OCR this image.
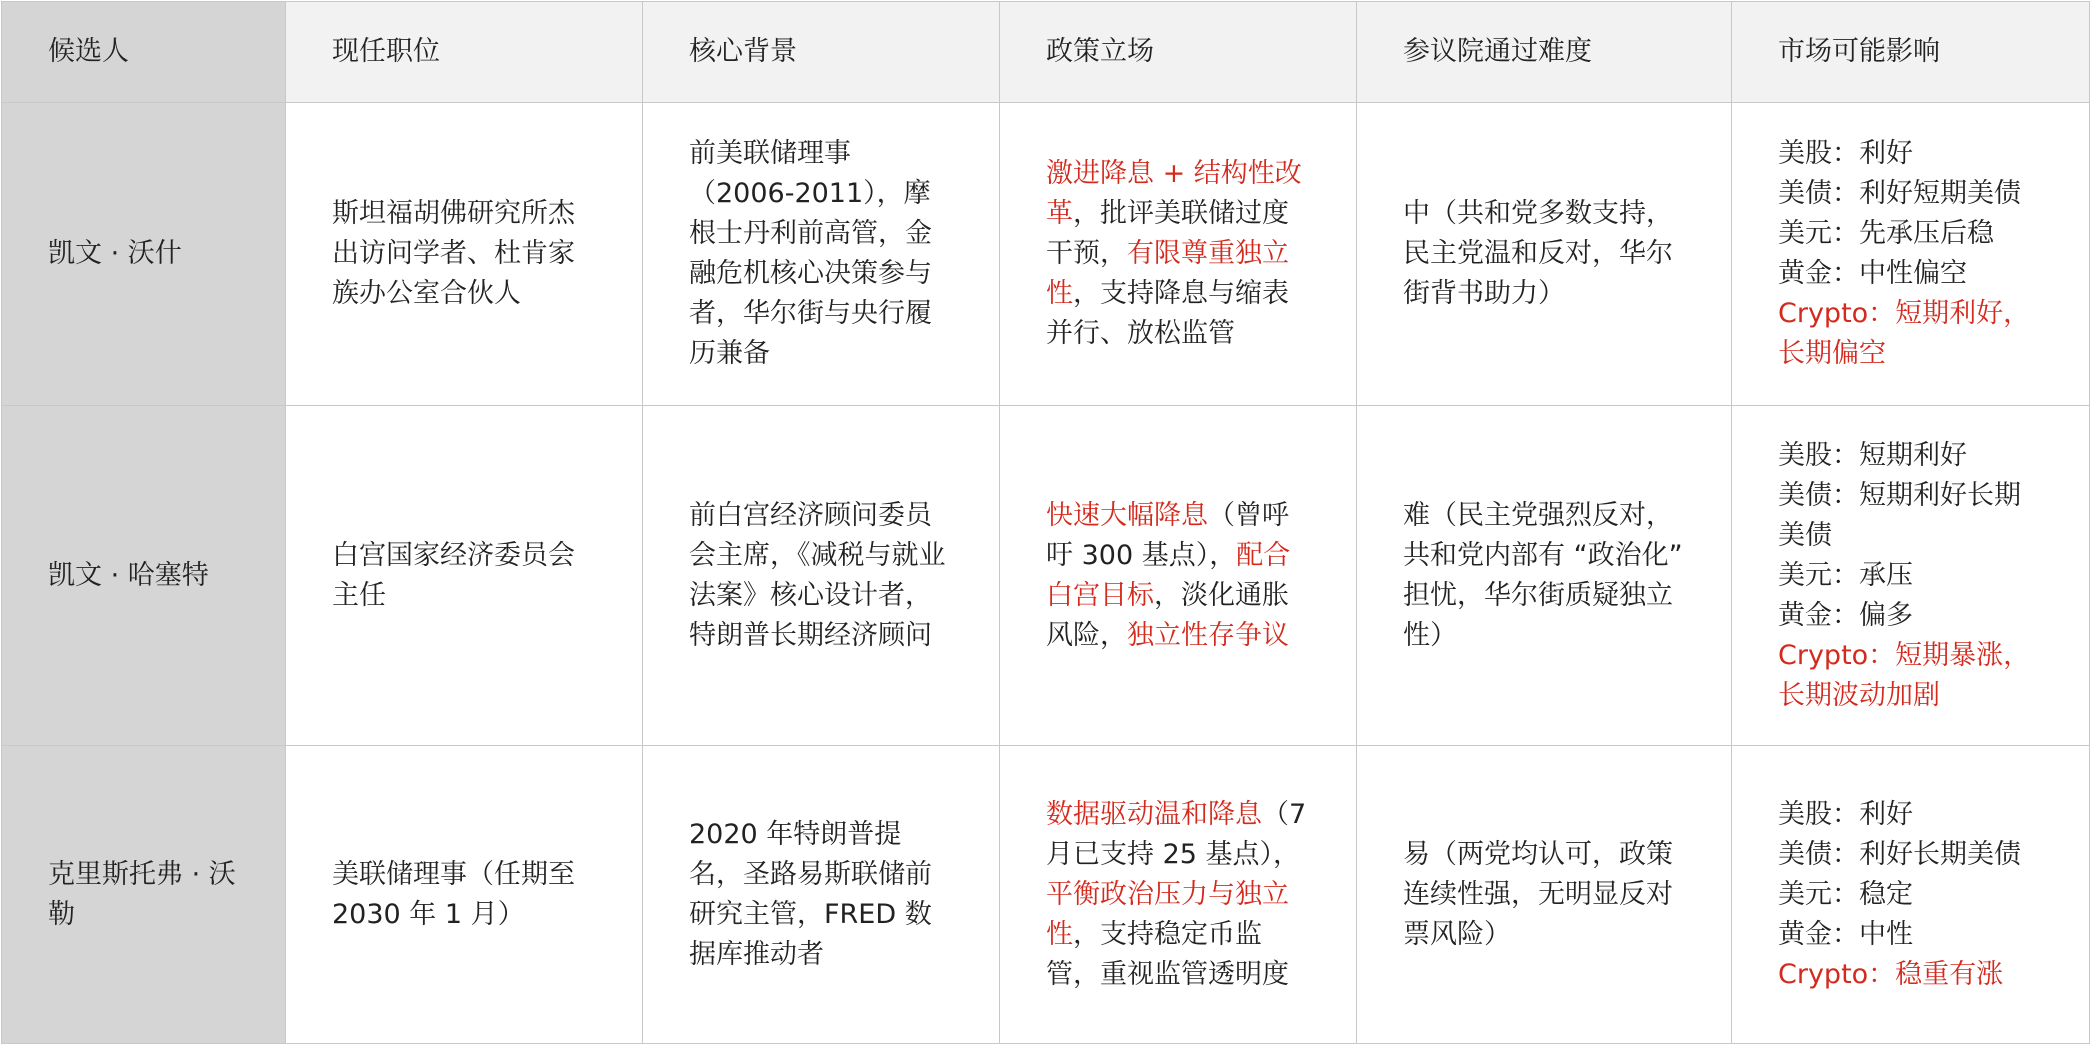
候选人	现任职位	核心背景	政策立场	参议院通过难度	市场可能影响
凯文 · 沃什	斯坦福胡佛研究所杰出访问学者、杜肯家族办公室合伙人	前美联储理事（2006-2011），摩根士丹利前高管，金融危机核心决策参与者，华尔街与央行履历兼备	激进降息 + 结构性改革，批评美联储过度干预，有限尊重独立性，支持降息与缩表并行、放松监管	中（共和党多数支持，民主党温和反对，华尔街背书助力）	美股：利好
美债：利好短期美债
美元：先承压后稳
黄金：中性偏空
Crypto：短期利好，长期偏空

凯文 · 哈塞特	白宫国家经济委员会主任	前白宫经济顾问委员会主席，《减税与就业法案》核心设计者，特朗普长期经济顾问	快速大幅降息（曾呼吁 300 基点），配合白宫目标，淡化通胀风险，独立性存争议	难（民主党强烈反对，共和党内部有 “政治化” 担忧，华尔街质疑独立性）	美股：短期利好
美债：短期利好长期美债
美元：承压
黄金：偏多
Crypto：短期暴涨，长期波动加剧

克里斯托弗 · 沃勒	美联储理事（任期至 2030 年 1 月）	2020 年特朗普提名，圣路易斯联储前研究主管，FRED 数据库推动者	数据驱动温和降息（7 月已支持 25 基点），平衡政治压力与独立性，支持稳定币监管，重视监管透明度	易（两党均认可，政策连续性强，无明显反对票风险）	美股：利好
美债：利好长期美债
美元：稳定
黄金：中性
Crypto：稳重有涨
